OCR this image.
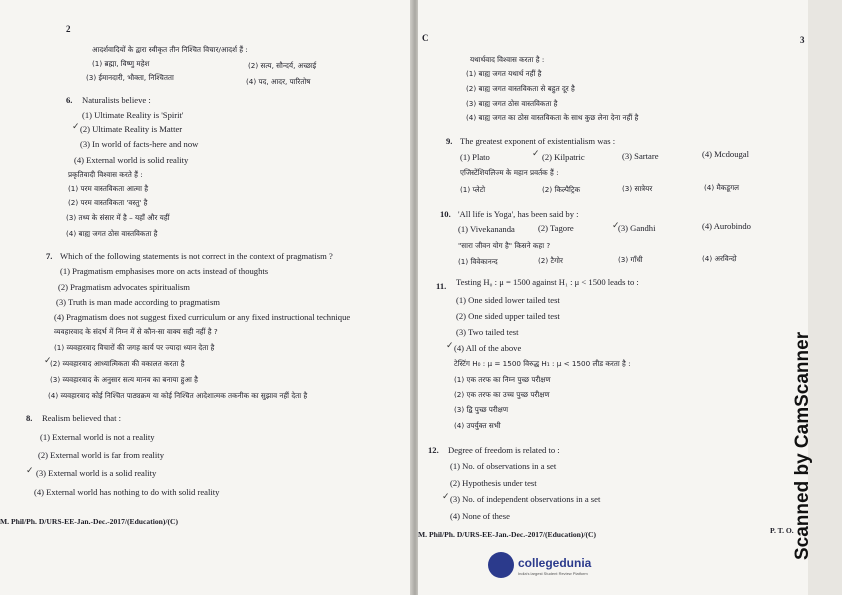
2
आदर्शवादियों के द्वारा स्वीकृत तीन निश्चित विचार/आदर्श हैं :
(1) ब्रह्मा, विष्णु महेश	(2) सत्य, सौन्दर्य, अच्छाई
(3) ईमानदारी, भौक्ता, निश्चितता	(4) पद, आदर, पारितोष
6. Naturalists believe :
(1) Ultimate Reality is 'Spirit'
(2) Ultimate Reality is Matter
(3) In world of facts-here and now
(4) External world is solid reality
प्रकृतिवादी विश्वास करते हैं :
(1) परम वास्तविकता आत्मा है
(2) परम वास्तविकता 'वस्तु' है
(3) तथ्य के संसार में है – यहाँ और यहीं
(4) बाह्य जगत ठोस वास्तविकता है
7. Which of the following statements is not correct in the context of pragmatism ?
(1) Pragmatism emphasises more on acts instead of thoughts
(2) Pragmatism advocates spiritualism
(3) Truth is man made according to pragmatism
(4) Pragmatism does not suggest fixed curriculum or any fixed instructional technique
व्यवहारवाद के संदर्भ में निम्न में से कौन-सा वाक्य सही नहीं है ?
(1) व्यवहारवाद विचारों की जगह कार्य पर ज्यादा ध्यान देता है
(2) व्यवहारवाद आध्यात्मिकता की वकालत करता है
(3) व्यवहारवाद के अनुसार सत्य मानव का बनाया हुआ है
(4) व्यवहारवाद कोई निश्चित पाठ्यक्रम या कोई निश्चित आदेशात्मक तकनीक का सुझाव नहीं देता है
8. Realism believed that :
(1) External world is not a reality
(2) External world is far from reality
(3) External world is a solid reality
(4) External world has nothing to do with solid reality
M. Phil/Ph. D/URS-EE-Jan.-Dec.-2017/(Education)/(C)
✓
✓
✓
C	3
यथार्थवाद विश्वास करता है :
(1) बाह्य जगत यथार्थ नहीं है
(2) बाह्य जगत वास्तविकता से बहुत दूर है
(3) बाह्य जगत ठोस वास्तविकता है
(4) बाह्य जगत का ठोस वास्तविकता के साथ कुछ लेना देना नहीं है
9. The greatest exponent of existentialism was :
(1) Plato	(2) Kilpatric	(3) Sartare	(4) Mcdougal
एजिस्टेंशियलिज्म के महान प्रवर्तक हैं :
(1) प्लेटो	(2) किल्पैट्रिक	(3) सात्रेयर	(4) मैकडूगल
10. 'All life is Yoga', has been said by :
(1) Vivekananda	(2) Tagore	(3) Gandhi	(4) Aurobindo
"सारा जीवन योग है" किसने कहा ?
(1) विवेकानन्द	(2) टैगोर	(3) गाँधी	(4) अरविन्दो
11. Testing H₀ : μ = 1500 against H₁ : μ < 1500 leads to :
(1) One sided lower tailed test
(2) One sided upper tailed test
(3) Two tailed test
(4) All of the above
टेस्टिंग H₀ : μ = 1500 विरुद्ध H₁ : μ < 1500 लीड करता है :
(1) एक तरफ का निम्न पुच्छ परीक्षण
(2) एक तरफ का उच्च पुच्छ परीक्षण
(3) द्वि पुच्छ परीक्षण
(4) उपर्युक्त सभी
12. Degree of freedom is related to :
(1) No. of observations in a set
(2) Hypothesis under test
(3) No. of independent observations in a set
(4) None of these
M. Phil/Ph. D/URS-EE-Jan.-Dec.-2017/(Education)/(C)	P. T. O.
✓
✓
✓
✓
collegedunia
India's largest Student Review Platform
Scanned by CamScanner
